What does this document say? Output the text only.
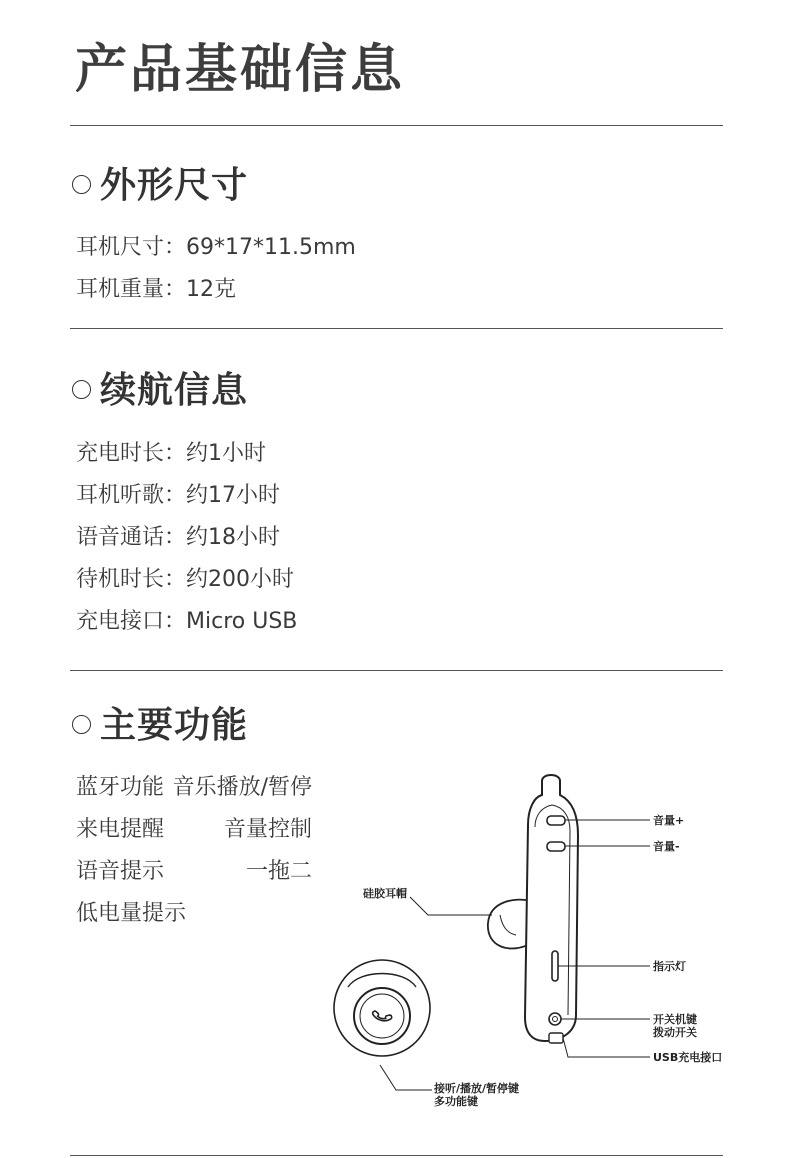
产品基础信息
外形尺寸
耳机尺寸：69*17*11.5mm
耳机重量：12克
续航信息
充电时长：约1小时
耳机听歌：约17小时
语音通话：约18小时
待机时长：约200小时
充电接口：Micro USB
主要功能
蓝牙功能 音乐播放/暂停
来电提醒	音量控制
语音提示	一拖二
低电量提示
音量+
音量-
硅胶耳帽
指示灯
开关机键
拨动开关
USB充电接口
接听/播放/暂停键
多功能键
